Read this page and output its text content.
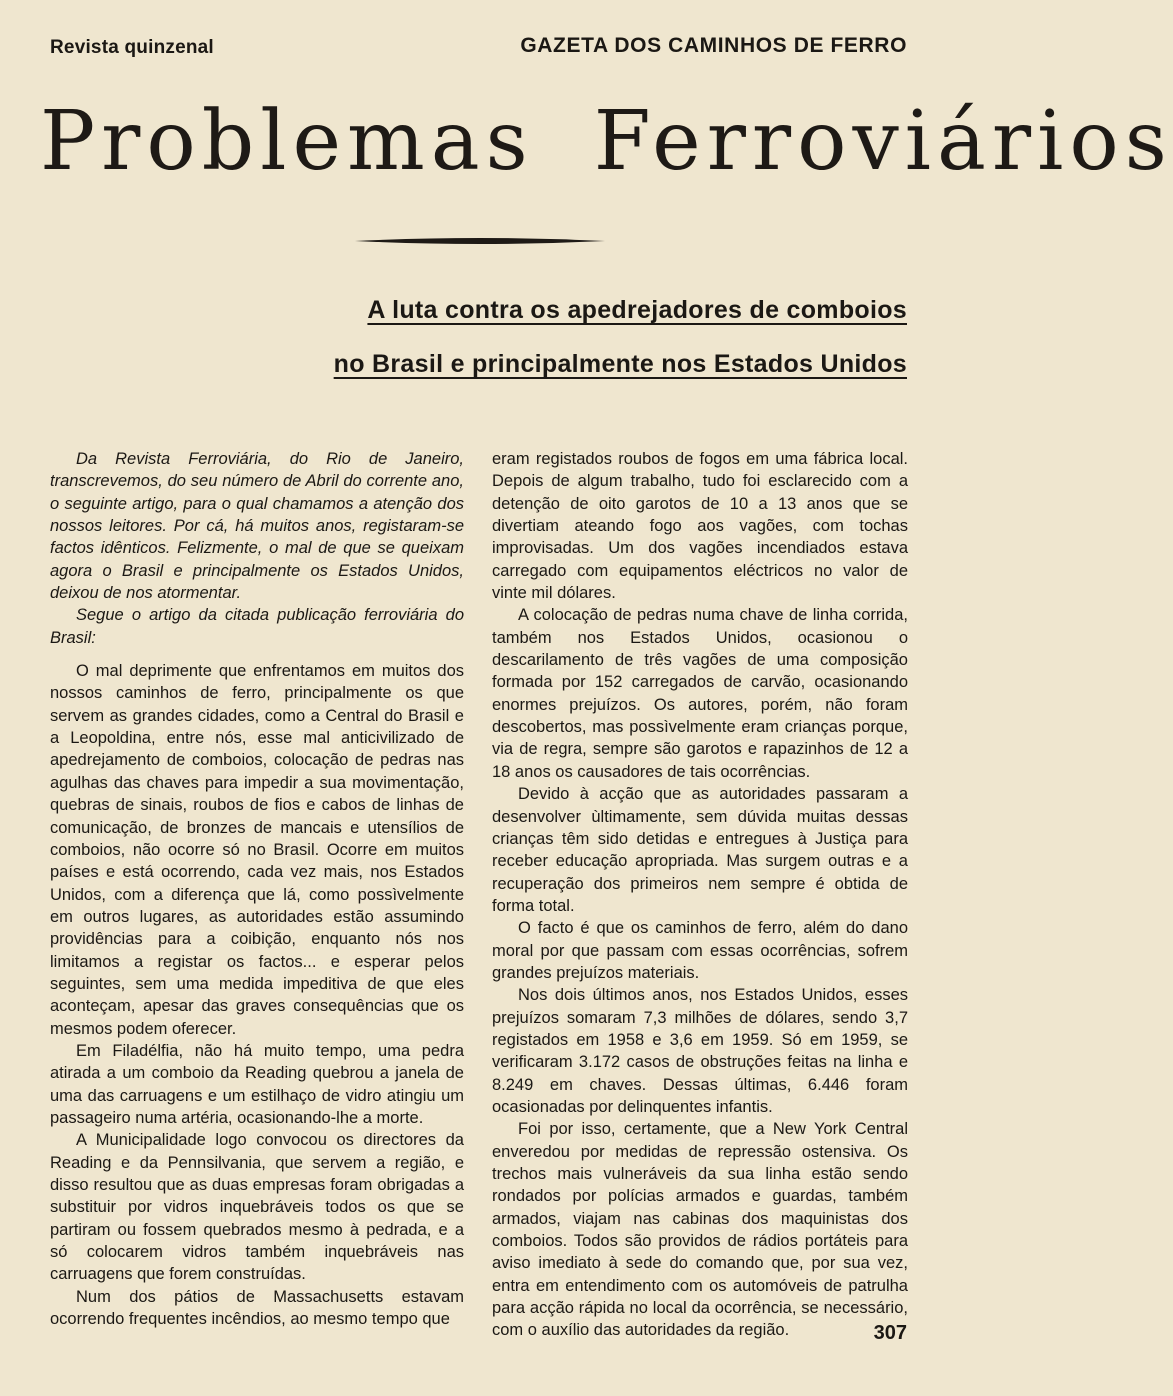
Revista quinzenal	GAZETA DOS CAMINHOS DE FERRO
Problemas Ferroviários
A luta contra os apedrejadores de comboios
no Brasil e principalmente nos Estados Unidos

Da Revista Ferroviária, do Rio de Janeiro, transcrevemos, do seu número de Abril do corrente ano, o seguinte artigo, para o qual chamamos a atenção dos nossos leitores. Por cá, há muitos anos, registaram-se factos idênticos. Felizmente, o mal de que se queixam agora o Brasil e principalmente os Estados Unidos, deixou de nos atormentar.

Segue o artigo da citada publicação ferroviária do Brasil:

O mal deprimente que enfrentamos em muitos dos nossos caminhos de ferro, principalmente os que servem as grandes cidades, como a Central do Brasil e a Leopoldina, entre nós, esse mal anticivilizado de apedrejamento de comboios, colocação de pedras nas agulhas das chaves para impedir a sua movimentação, quebras de sinais, roubos de fios e cabos de linhas de comunicação, de bronzes de mancais e utensílios de comboios, não ocorre só no Brasil. Ocorre em muitos países e está ocorrendo, cada vez mais, nos Estados Unidos, com a diferença que lá, como possìvelmente em outros lugares, as autoridades estão assumindo providências para a coibição, enquanto nós nos limitamos a registar os factos... e esperar pelos seguintes, sem uma medida impeditiva de que eles aconteçam, apesar das graves consequências que os mesmos podem oferecer.

Em Filadélfia, não há muito tempo, uma pedra atirada a um comboio da Reading quebrou a janela de uma das carruagens e um estilhaço de vidro atingiu um passageiro numa artéria, ocasionando-lhe a morte.

A Municipalidade logo convocou os directores da Reading e da Pennsilvania, que servem a região, e disso resultou que as duas empresas foram obrigadas a substituir por vidros inquebráveis todos os que se partiram ou fossem quebrados mesmo à pedrada, e a só colocarem vidros também inquebráveis nas carruagens que forem construídas.

Num dos pátios de Massachusetts estavam ocorrendo frequentes incêndios, ao mesmo tempo que

eram registados roubos de fogos em uma fábrica local. Depois de algum trabalho, tudo foi esclarecido com a detenção de oito garotos de 10 a 13 anos que se divertiam ateando fogo aos vagões, com tochas improvisadas. Um dos vagões incendiados estava carregado com equipamentos eléctricos no valor de vinte mil dólares.

A colocação de pedras numa chave de linha corrida, também nos Estados Unidos, ocasionou o descarilamento de três vagões de uma composição formada por 152 carregados de carvão, ocasionando enormes prejuízos. Os autores, porém, não foram descobertos, mas possìvelmente eram crianças porque, via de regra, sempre são garotos e rapazinhos de 12 a 18 anos os causadores de tais ocorrências.

Devido à acção que as autoridades passaram a desenvolver ùltimamente, sem dúvida muitas dessas crianças têm sido detidas e entregues à Justiça para receber educação apropriada. Mas surgem outras e a recuperação dos primeiros nem sempre é obtida de forma total.

O facto é que os caminhos de ferro, além do dano moral por que passam com essas ocorrências, sofrem grandes prejuízos materiais.

Nos dois últimos anos, nos Estados Unidos, esses prejuízos somaram 7,3 milhões de dólares, sendo 3,7 registados em 1958 e 3,6 em 1959. Só em 1959, se verificaram 3.172 casos de obstruções feitas na linha e 8.249 em chaves. Dessas últimas, 6.446 foram ocasionadas por delinquentes infantis.

Foi por isso, certamente, que a New York Central enveredou por medidas de repressão ostensiva. Os trechos mais vulneráveis da sua linha estão sendo rondados por polícias armados e guardas, também armados, viajam nas cabinas dos maquinistas dos comboios. Todos são providos de rádios portáteis para aviso imediato à sede do comando que, por sua vez, entra em entendimento com os automóveis de patrulha para acção rápida no local da ocorrência, se necessário, com o auxílio das autoridades da região.	307
